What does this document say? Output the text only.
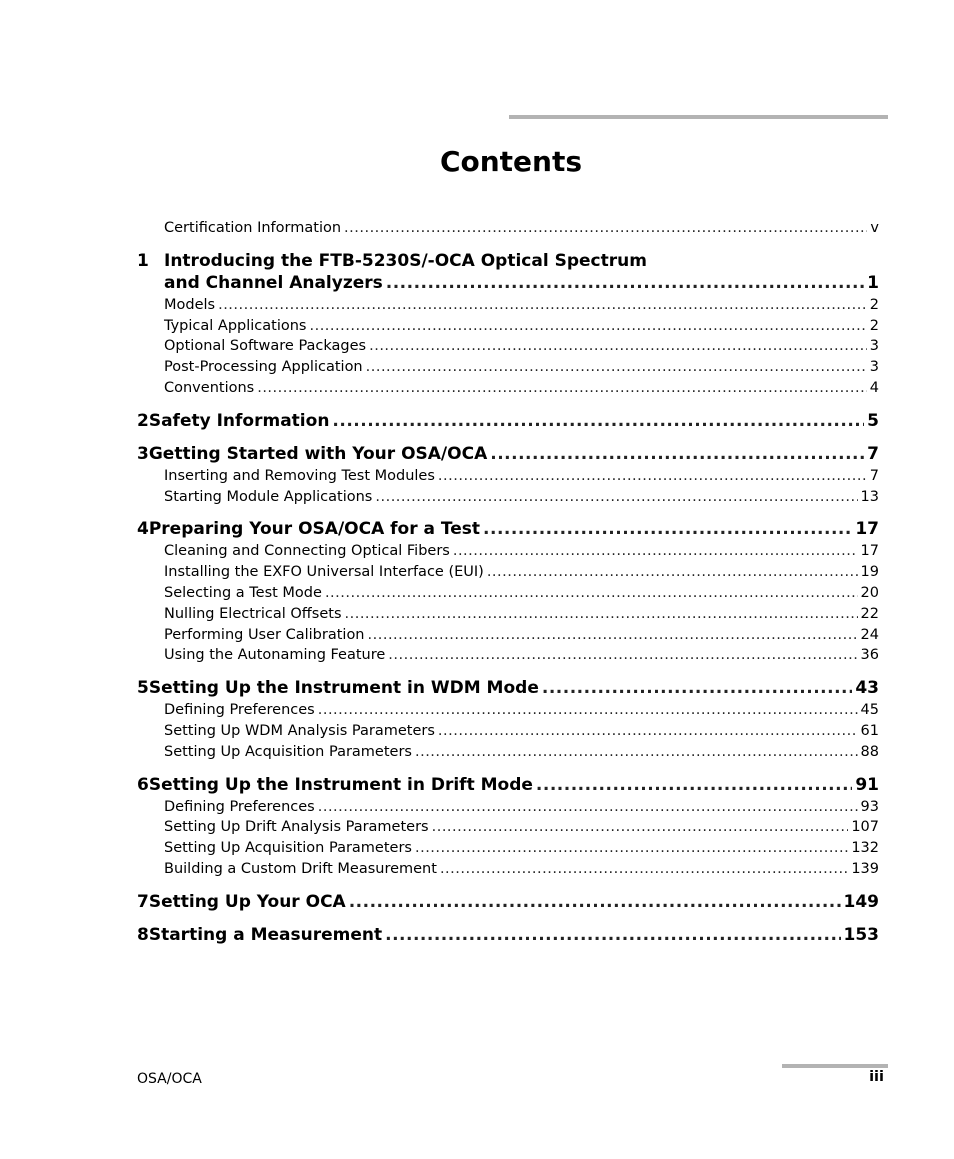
Contents
Certification Information .....	v
1 Introducing the FTB-5230S/-OCA Optical Spectrum
and Channel Analyzers .....	1
Models .....	2
Typical Applications .....	2
Optional Software Packages .....	3
Post-Processing Application .....	3
Conventions .....	4
2 Safety Information .....	5
3 Getting Started with Your OSA/OCA .....	7
Inserting and Removing Test Modules .....	7
Starting Module Applications .....	13
4 Preparing Your OSA/OCA for a Test .....	17
Cleaning and Connecting Optical Fibers .....	17
Installing the EXFO Universal Interface (EUI) .....	19
Selecting a Test Mode .....	20
Nulling Electrical Offsets .....	22
Performing User Calibration .....	24
Using the Autonaming Feature .....	36
5 Setting Up the Instrument in WDM Mode .....	43
Defining Preferences .....	45
Setting Up WDM Analysis Parameters .....	61
Setting Up Acquisition Parameters .....	88
6 Setting Up the Instrument in Drift Mode .....	91
Defining Preferences .....	93
Setting Up Drift Analysis Parameters .....	107
Setting Up Acquisition Parameters .....	132
Building a Custom Drift Measurement .....	139
7 Setting Up Your OCA .....	149
8 Starting a Measurement .....	153
OSA/OCA	iii
